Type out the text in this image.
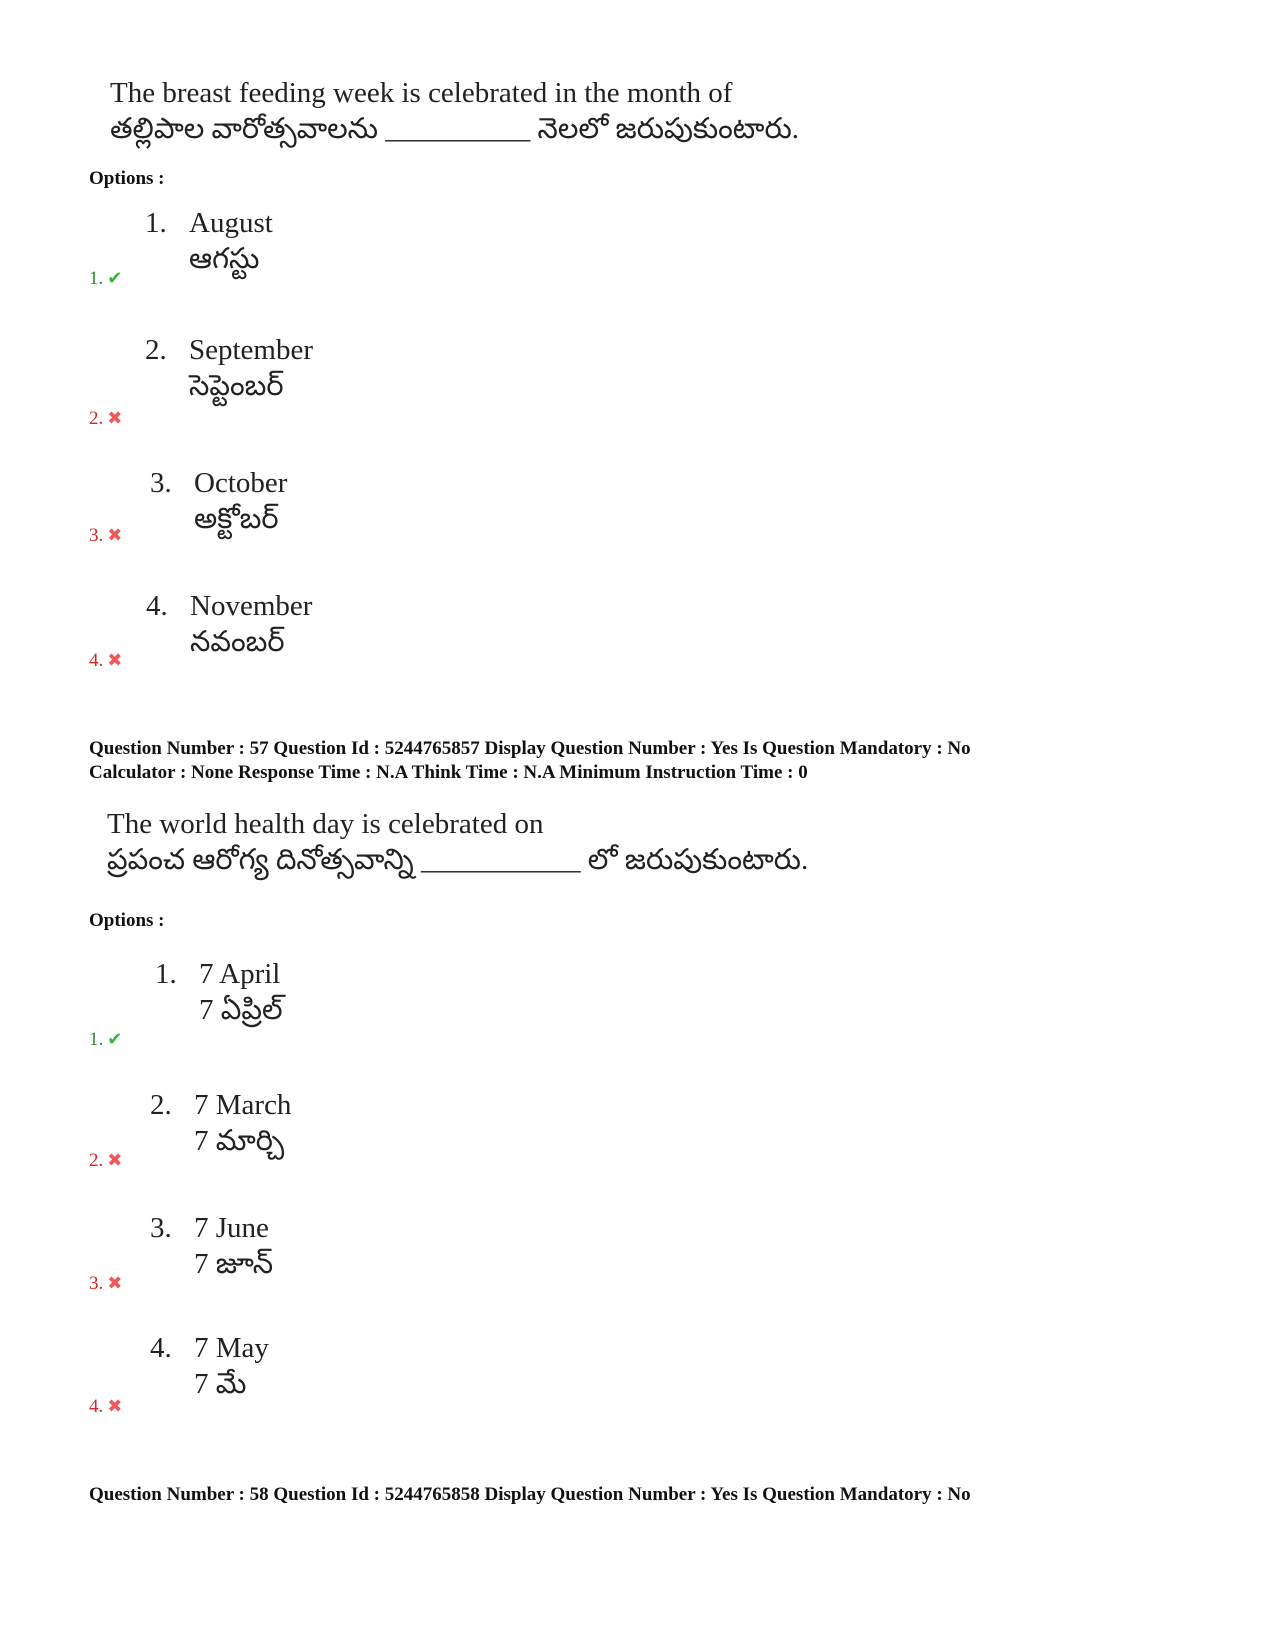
The breast feeding week is celebrated in the month of
తల్లిపాల వారోత్సవాలను __________ నెలలో జరుపుకుంటారు.
Options :
1. August
ఆగస్టు
1. ✔
2. September
సెప్టెంబర్
2. ✖
3. October
అక్టోబర్
3. ✖
4. November
నవంబర్
4. ✖
Question Number : 57 Question Id : 5244765857 Display Question Number : Yes Is Question Mandatory : No
Calculator : None Response Time : N.A Think Time : N.A Minimum Instruction Time : 0
The world health day is celebrated on
ప్రపంచ ఆరోగ్య దినోత్సవాన్ని ___________ లో జరుపుకుంటారు.
Options :
1. 7 April
7 ఏప్రిల్
1. ✔
2. 7 March
7 మార్చి
2. ✖
3. 7 June
7 జూన్
3. ✖
4. 7 May
7 మే
4. ✖
Question Number : 58 Question Id : 5244765858 Display Question Number : Yes Is Question Mandatory : No
